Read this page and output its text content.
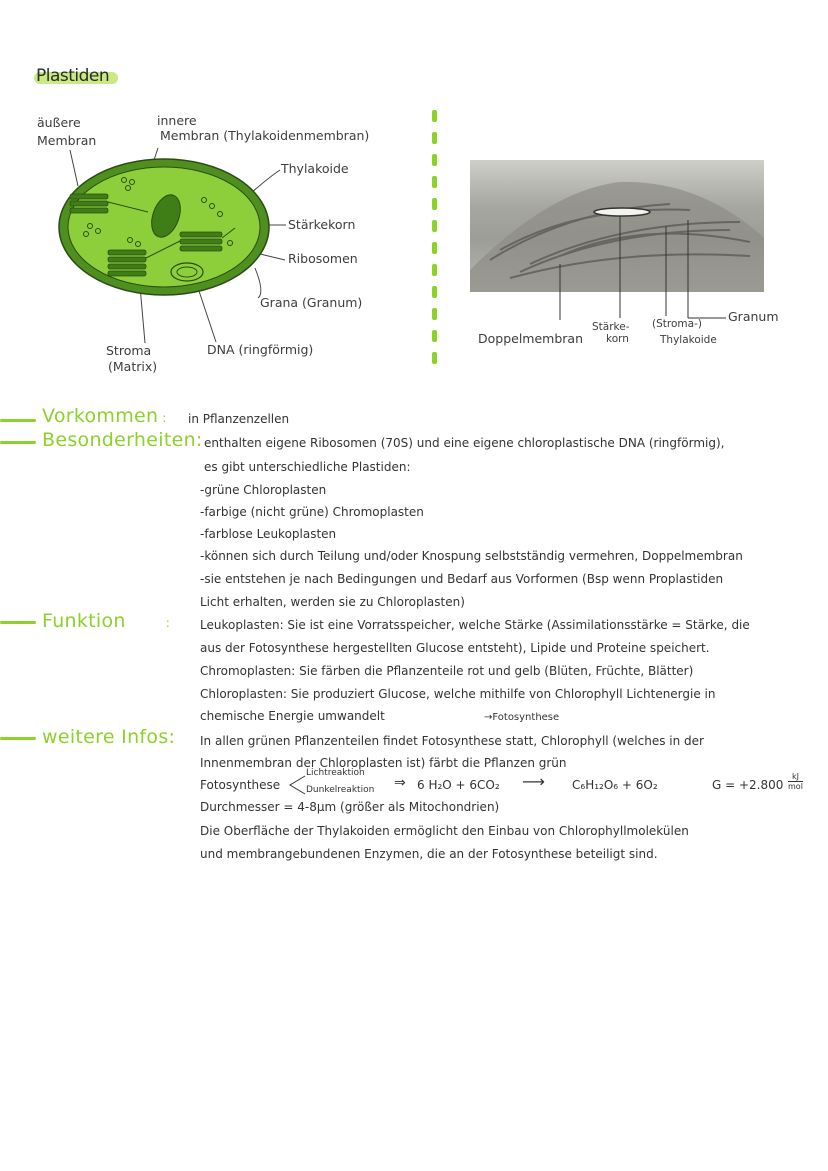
Plastiden
äußere
Membran
innere
Membran (Thylakoidenmembran)
Thylakoide
Stärkekorn
Ribosomen
Grana (Granum)
Stroma
(Matrix)
DNA (ringförmig)
Doppelmembran
Stärke-
korn
(Stroma-)
Thylakoide
Granum
Vorkommen : in Pflanzenzellen
Besonderheiten: enthalten eigene Ribosomen (70S) und eine eigene chloroplastische DNA (ringförmig),
es gibt unterschiedliche Plastiden:
-grüne Chloroplasten
-farbige (nicht grüne) Chromoplasten
-farblose Leukoplasten
-können sich durch Teilung und/oder Knospung selbstständig vermehren, Doppelmembran
-sie entstehen je nach Bedingungen und Bedarf aus Vorformen (Bsp wenn Proplastiden
Licht erhalten, werden sie zu Chloroplasten)
Funktion	: Leukoplasten: Sie ist eine Vorratsspeicher, welche Stärke (Assimilationsstärke = Stärke, die
aus der Fotosynthese hergestellten Glucose entsteht), Lipide und Proteine speichert.
Chromoplasten: Sie färben die Pflanzenteile rot und gelb (Blüten, Früchte, Blätter)
Chloroplasten: Sie produziert Glucose, welche mithilfe von Chlorophyll Lichtenergie in
chemische Energie umwandelt	→Fotosynthese
weitere Infos: In allen grünen Pflanzenteilen findet Fotosynthese statt, Chlorophyll (welches in der
Innenmembran der Chloroplasten ist) färbt die Pflanzen grün
Fotosynthese
Lichtreaktion
Dunkelreaktion ⇒ 6 H₂O + 6CO₂ ⟶ C₆H₁₂O₆ + 6O₂	G = +2.800
kJ
mol
Durchmesser = 4-8µm (größer als Mitochondrien)
Die Oberfläche der Thylakoiden ermöglicht den Einbau von Chlorophyllmolekülen
und membrangebundenen Enzymen, die an der Fotosynthese beteiligt sind.
